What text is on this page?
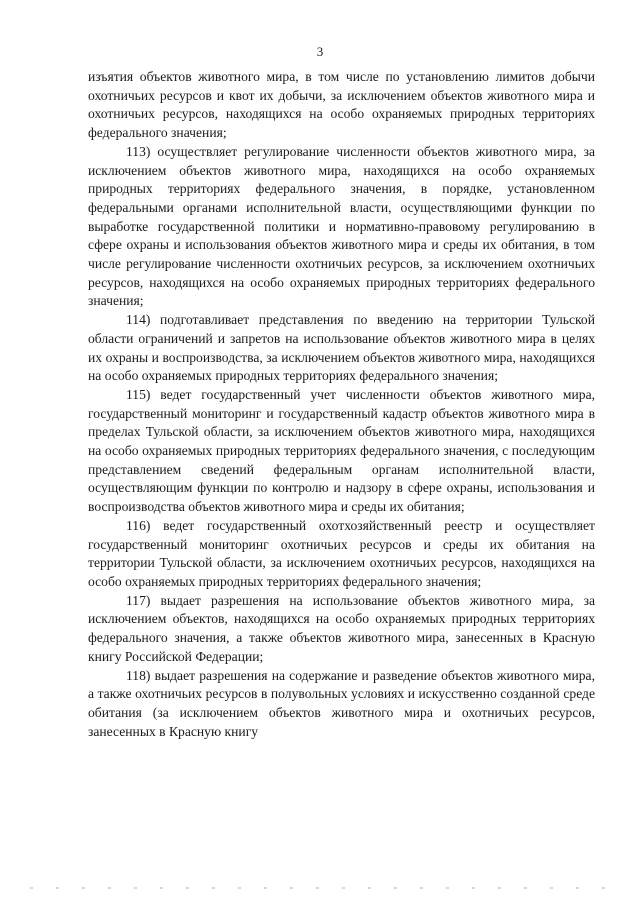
3

изъятия объектов животного мира, в том числе по установлению лимитов добычи охотничьих ресурсов и квот их добычи, за исключением объектов животного мира и охотничьих ресурсов, находящихся на особо охраняемых природных территориях федерального значения;

113) осуществляет регулирование численности объектов животного мира, за исключением объектов животного мира, находящихся на особо охраняемых природных территориях федерального значения, в порядке, установленном федеральными органами исполнительной власти, осуществляющими функции по выработке государственной политики и нормативно-правовому регулированию в сфере охраны и использования объектов животного мира и среды их обитания, в том числе регулирование численности охотничьих ресурсов, за исключением охотничьих ресурсов, находящихся на особо охраняемых природных территориях федерального значения;

114) подготавливает представления по введению на территории Тульской области ограничений и запретов на использование объектов животного мира в целях их охраны и воспроизводства, за исключением объектов животного мира, находящихся на особо охраняемых природных территориях федерального значения;

115) ведет государственный учет численности объектов животного мира, государственный мониторинг и государственный кадастр объектов животного мира в пределах Тульской области, за исключением объектов животного мира, находящихся на особо охраняемых природных территориях федерального значения, с последующим представлением сведений федеральным органам исполнительной власти, осуществляющим функции по контролю и надзору в сфере охраны, использования и воспроизводства объектов животного мира и среды их обитания;

116) ведет государственный охотхозяйственный реестр и осуществляет государственный мониторинг охотничьих ресурсов и среды их обитания на территории Тульской области, за исключением охотничьих ресурсов, находящихся на особо охраняемых природных территориях федерального значения;

117) выдает разрешения на использование объектов животного мира, за исключением объектов, находящихся на особо охраняемых природных территориях федерального значения, а также объектов животного мира, занесенных в Красную книгу Российской Федерации;

118) выдает разрешения на содержание и разведение объектов животного мира, а также охотничьих ресурсов в полувольных условиях и искусственно созданной среде обитания (за исключением объектов животного мира и охотничьих ресурсов, занесенных в Красную книгу
